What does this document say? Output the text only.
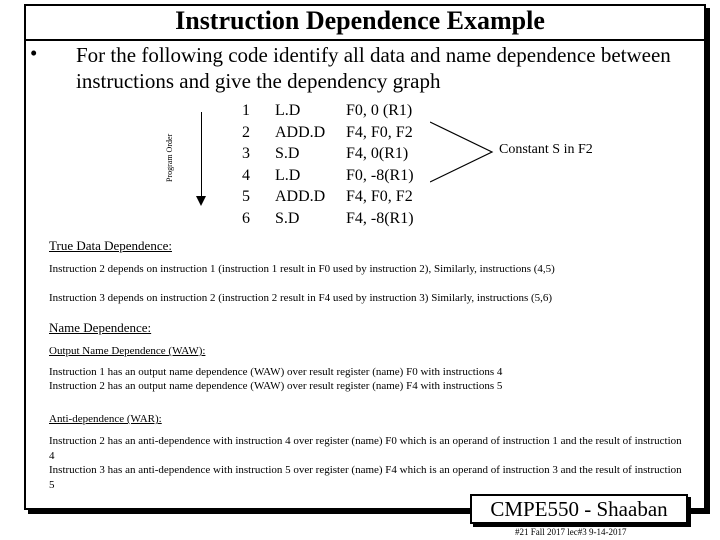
Instruction Dependence Example
• For the following code identify all data and name dependence between instructions and give the dependency graph
Program Order
1
2
3
4
5
6
L.D
ADD.D
S.D
L.D
ADD.D
S.D
F0, 0 (R1)
F4, F0, F2
F4, 0(R1)
F0, -8(R1)
F4, F0, F2
F4, -8(R1)
Constant S in F2
True Data Dependence:
Instruction 2 depends on instruction 1 (instruction 1 result in F0 used by instruction 2), Similarly, instructions (4,5)
Instruction 3 depends on instruction 2 (instruction 2 result in F4 used by instruction 3) Similarly, instructions (5,6)
Name Dependence:
Output Name Dependence (WAW):
Instruction 1 has an output name dependence (WAW) over result register (name) F0 with instructions 4
Instruction 2 has an output name dependence (WAW) over result register (name) F4 with instructions 5
Anti-dependence (WAR):
Instruction 2 has an anti-dependence with instruction 4 over register (name) F0 which is an operand of instruction 1 and the result of instruction 4
Instruction 3 has an anti-dependence with instruction 5 over register (name) F4 which is an operand of instruction 3 and the result of instruction 5
CMPE550 - Shaaban
#21 Fall 2017 lec#3 9-14-2017
